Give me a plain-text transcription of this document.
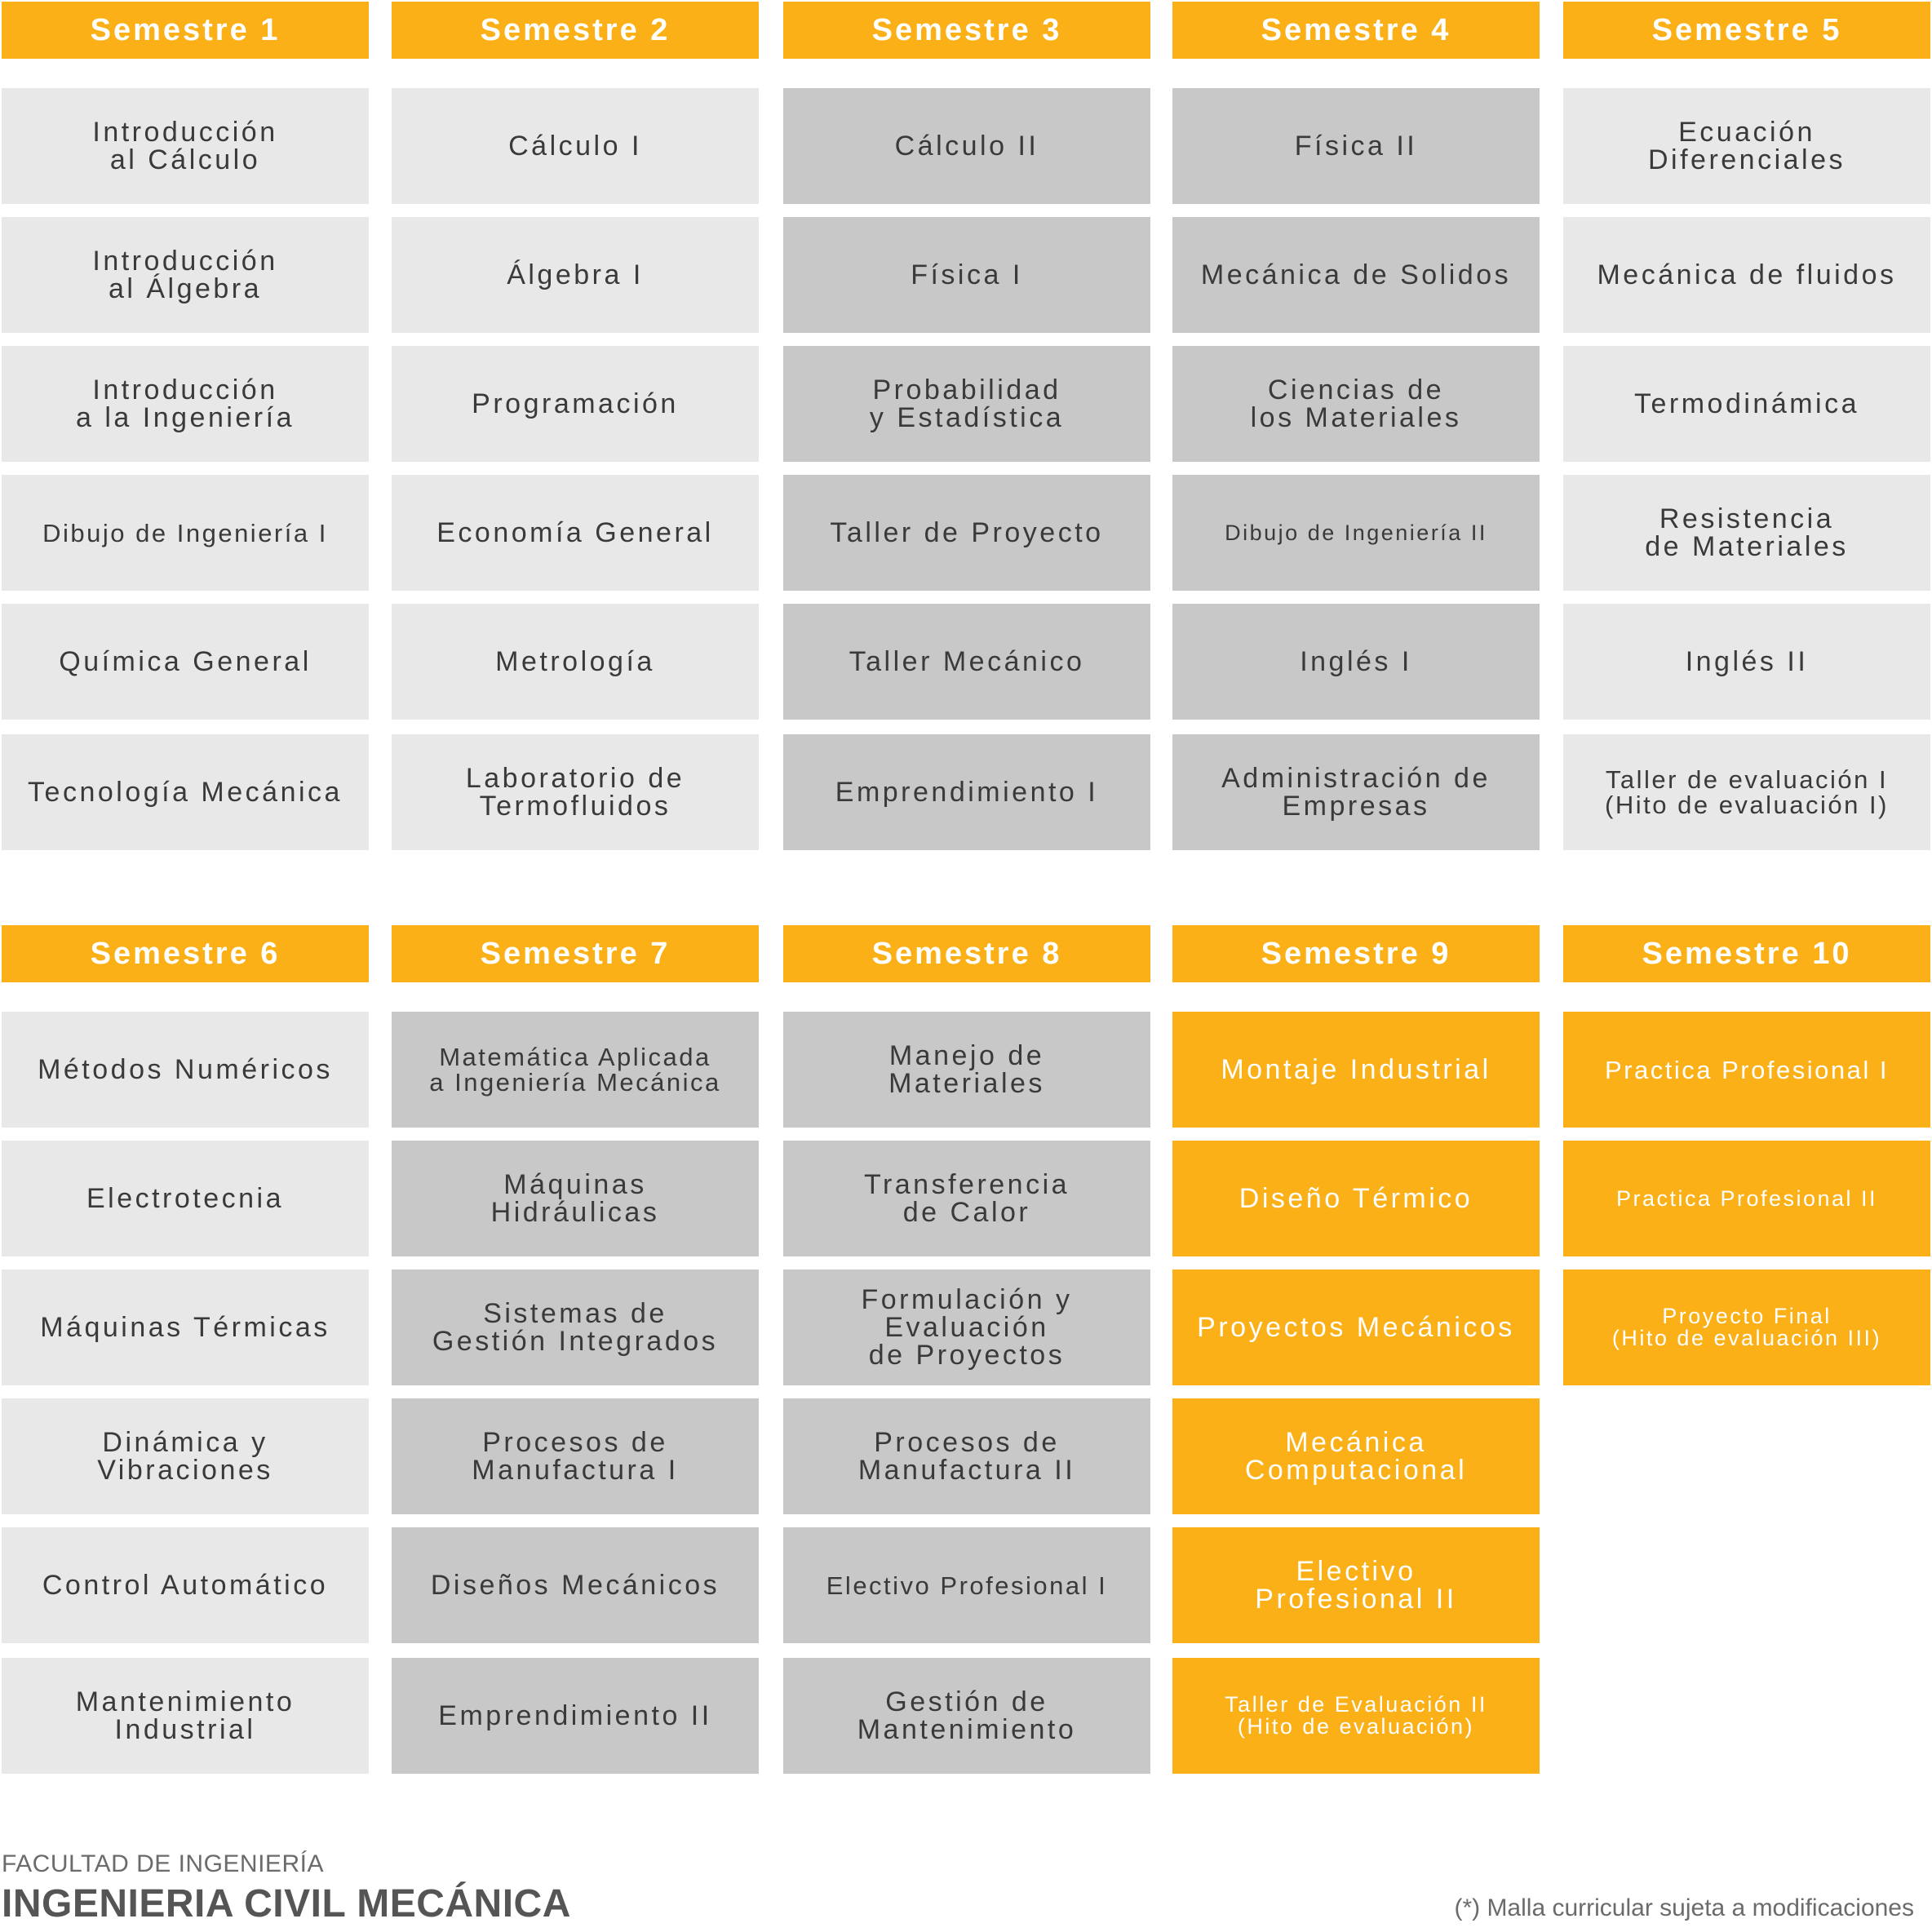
Semestre 1
Introducción
al Cálculo
Introducción
al Álgebra
Introducción
a la Ingeniería
Dibujo de Ingeniería I
Química General
Tecnología Mecánica
Semestre 2
Cálculo I
Álgebra I
Programación
Economía General
Metrología
Laboratorio de
Termofluidos
Semestre 3
Cálculo II
Física I
Probabilidad
y Estadística
Taller de Proyecto
Taller Mecánico
Emprendimiento I
Semestre 4
Física II
Mecánica de Solidos
Ciencias de
los Materiales
Dibujo de Ingeniería II
Inglés I
Administración de
Empresas
Semestre 5
Ecuación
Diferenciales
Mecánica de fluidos
Termodinámica
Resistencia
de Materiales
Inglés II
Taller de evaluación I
(Hito de evaluación I)
Semestre 6
Métodos Numéricos
Electrotecnia
Máquinas Térmicas
Dinámica y
Vibraciones
Control Automático
Mantenimiento
Industrial
Semestre 7
Matemática Aplicada
a Ingeniería Mecánica
Máquinas
Hidráulicas
Sistemas de
Gestión Integrados
Procesos de
Manufactura I
Diseños Mecánicos
Emprendimiento II
Semestre 8
Manejo de
Materiales
Transferencia
de Calor
Formulación y
Evaluación
de Proyectos
Procesos de
Manufactura II
Electivo Profesional I
Gestión de
Mantenimiento
Semestre 9
Montaje Industrial
Diseño Térmico
Proyectos Mecánicos
Mecánica
Computacional
Electivo
Profesional II
Taller de Evaluación II
(Hito de evaluación)
Semestre 10
Practica Profesional I
Practica Profesional II
Proyecto Final
(Hito de evaluación III)
FACULTAD DE INGENIERÍA
INGENIERIA CIVIL MECÁNICA	(*) Malla curricular sujeta a modificaciones
